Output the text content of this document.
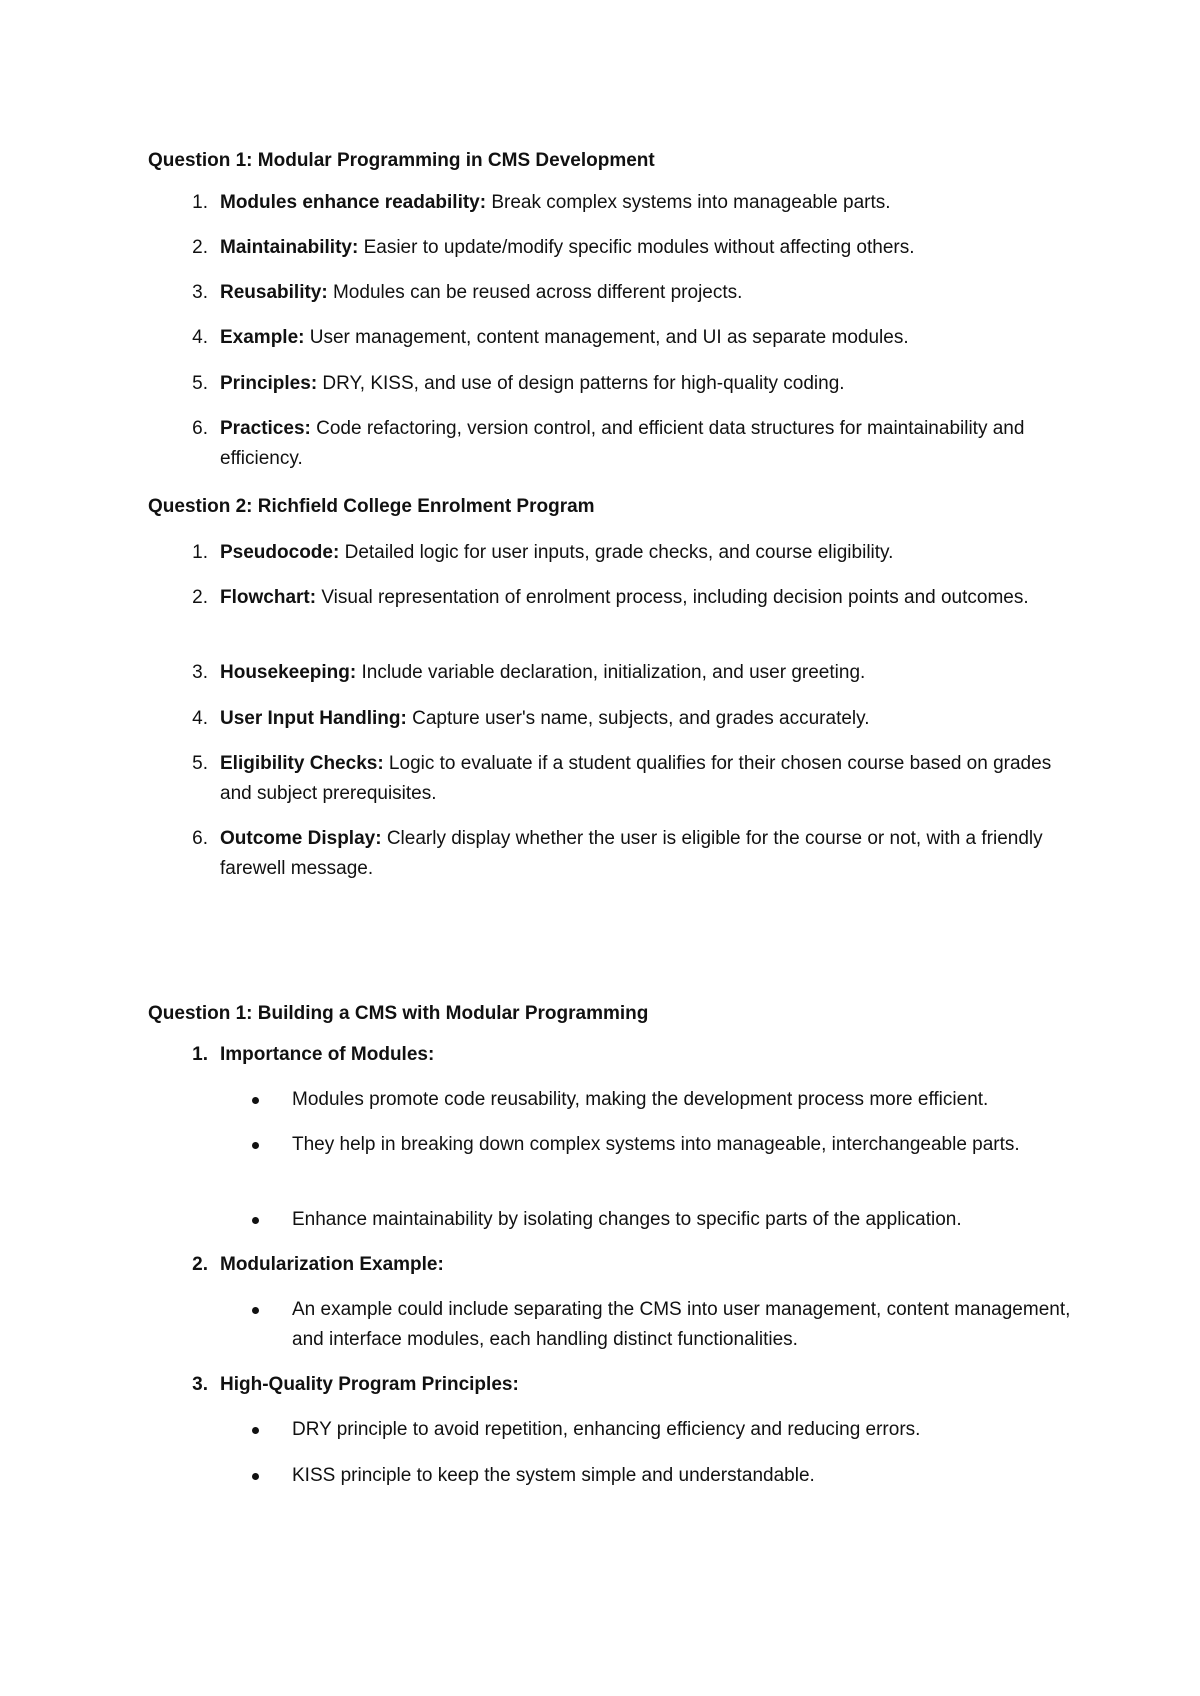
Question 1: Modular Programming in CMS Development
1. Modules enhance readability: Break complex systems into manageable parts.
2. Maintainability: Easier to update/modify specific modules without affecting others.
3. Reusability: Modules can be reused across different projects.
4. Example: User management, content management, and UI as separate modules.
5. Principles: DRY, KISS, and use of design patterns for high-quality coding.
6. Practices: Code refactoring, version control, and efficient data structures for maintainability and efficiency.
Question 2: Richfield College Enrolment Program
1. Pseudocode: Detailed logic for user inputs, grade checks, and course eligibility.
2. Flowchart: Visual representation of enrolment process, including decision points and outcomes.
3. Housekeeping: Include variable declaration, initialization, and user greeting.
4. User Input Handling: Capture user's name, subjects, and grades accurately.
5. Eligibility Checks: Logic to evaluate if a student qualifies for their chosen course based on grades and subject prerequisites.
6. Outcome Display: Clearly display whether the user is eligible for the course or not, with a friendly farewell message.
Question 1: Building a CMS with Modular Programming
1. Importance of Modules:
Modules promote code reusability, making the development process more efficient.
They help in breaking down complex systems into manageable, interchangeable parts.
Enhance maintainability by isolating changes to specific parts of the application.
2. Modularization Example:
An example could include separating the CMS into user management, content management, and interface modules, each handling distinct functionalities.
3. High-Quality Program Principles:
DRY principle to avoid repetition, enhancing efficiency and reducing errors.
KISS principle to keep the system simple and understandable.
